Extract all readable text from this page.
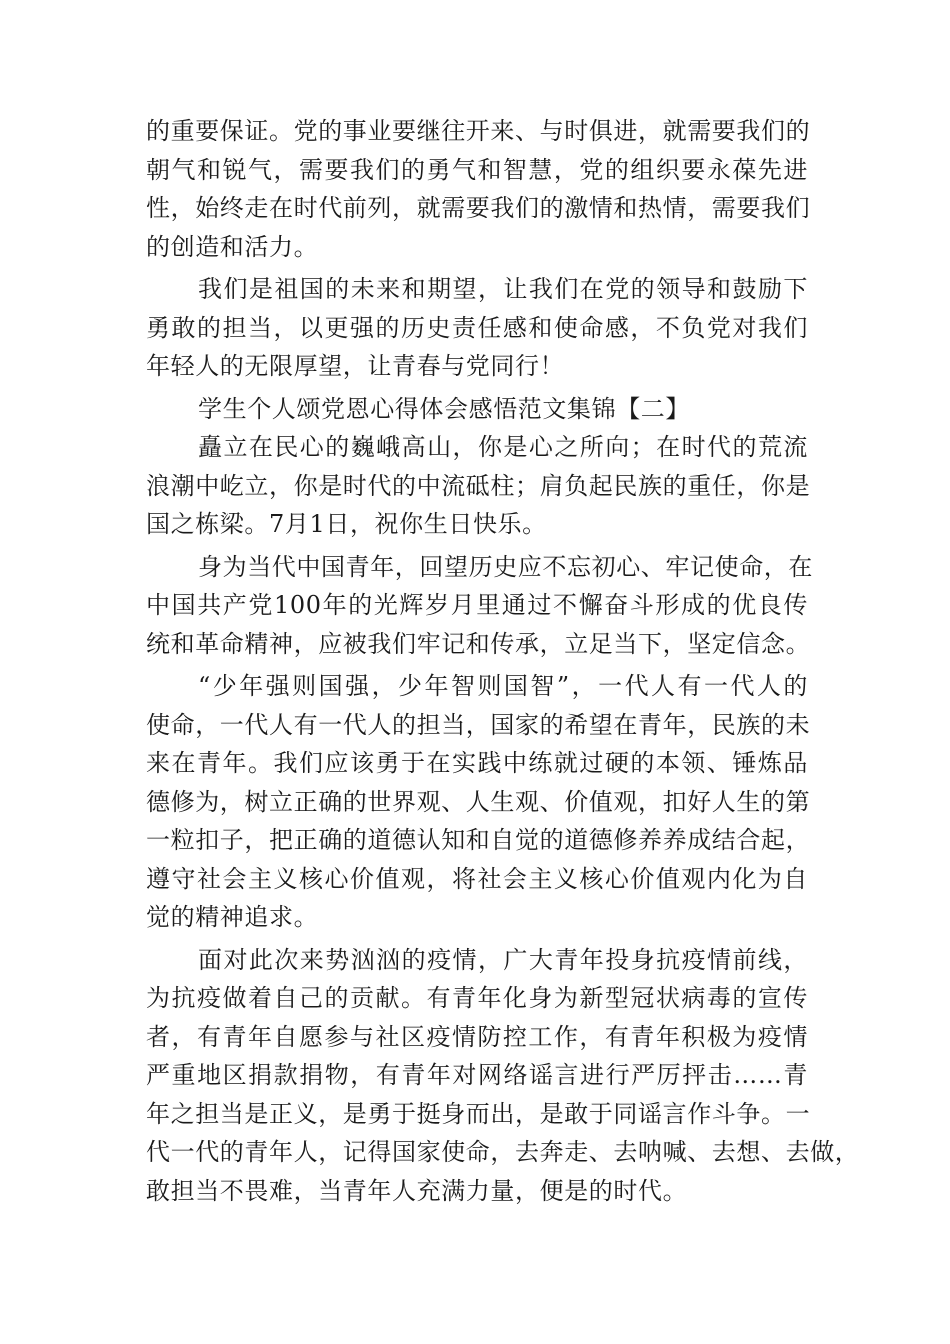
的重要保证。党的事业要继往开来、与时俱进，就需要我们的
朝气和锐气，需要我们的勇气和智慧，党的组织要永葆先进
性，始终走在时代前列，就需要我们的激情和热情，需要我们
的创造和活力。
我们是祖国的未来和期望，让我们在党的领导和鼓励下
勇敢的担当，以更强的历史责任感和使命感，不负党对我们
年轻人的无限厚望，让青春与党同行！
学生个人颂党恩心得体会感悟范文集锦【二】
矗立在民心的巍峨高山，你是心之所向；在时代的荒流
浪潮中屹立，你是时代的中流砥柱；肩负起民族的重任，你是
国之栋梁。7月1日，祝你生日快乐。
身为当代中国青年，回望历史应不忘初心、牢记使命，在
中国共产党100年的光辉岁月里通过不懈奋斗形成的优良传
统和革命精神，应被我们牢记和传承，立足当下，坚定信念。
“少年强则国强，少年智则国智”，一代人有一代人的
使命，一代人有一代人的担当，国家的希望在青年，民族的未
来在青年。我们应该勇于在实践中练就过硬的本领、锤炼品
德修为，树立正确的世界观、人生观、价值观，扣好人生的第
一粒扣子，把正确的道德认知和自觉的道德修养养成结合起，
遵守社会主义核心价值观，将社会主义核心价值观内化为自
觉的精神追求。
面对此次来势汹汹的疫情，广大青年投身抗疫情前线，
为抗疫做着自己的贡献。有青年化身为新型冠状病毒的宣传
者，有青年自愿参与社区疫情防控工作，有青年积极为疫情
严重地区捐款捐物，有青年对网络谣言进行严厉抨击……青
年之担当是正义，是勇于挺身而出，是敢于同谣言作斗争。一
代一代的青年人，记得国家使命，去奔走、去呐喊、去想、去做，
敢担当不畏难，当青年人充满力量，便是的时代。
